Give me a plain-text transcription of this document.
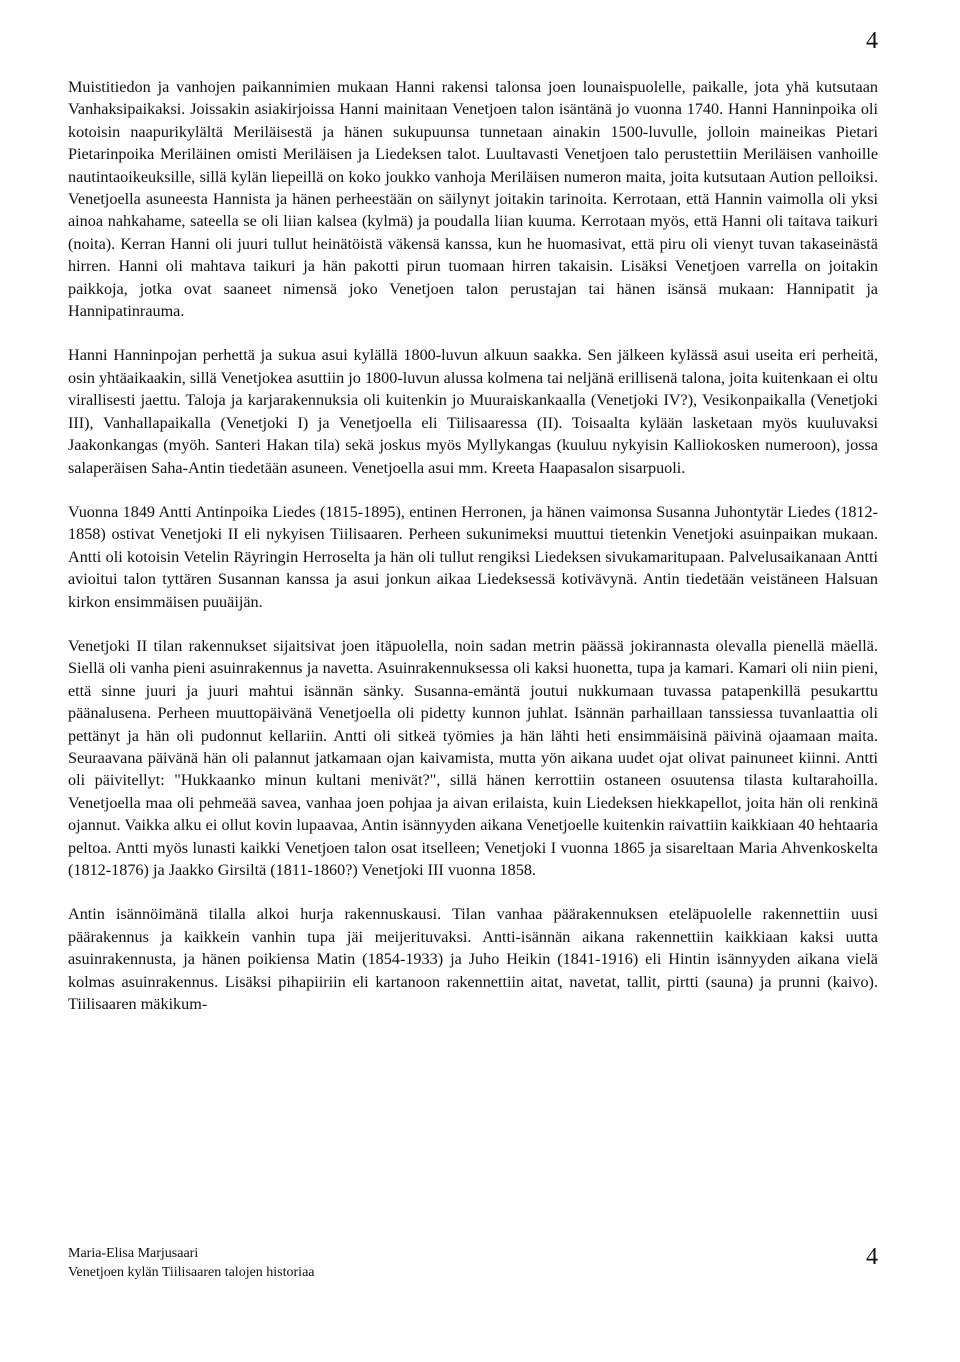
4

Muistitiedon ja vanhojen paikannimien mukaan Hanni rakensi talonsa joen lounaispuolelle, paikalle, jota yhä kutsutaan Vanhaksipaikaksi. Joissakin asiakirjoissa Hanni mainitaan Venetjoen talon isäntänä jo vuonna 1740. Hanni Hanninpoika oli kotoisin naapurikylältä Meriläisestä ja hänen sukupuunsa tunnetaan ainakin 1500-luvulle, jolloin maineikas Pietari Pietarinpoika Meriläinen omisti Meriläisen ja Liedeksen talot. Luultavasti Venetjoen talo perustettiin Meriläisen vanhoille nautintaoikeuksille, sillä kylän liepeillä on koko joukko vanhoja Meriläisen numeron maita, joita kutsutaan Aution pelloiksi. Venetjoella asuneesta Hannista ja hänen perheestään on säilynyt joitakin tarinoita. Kerrotaan, että Hannin vaimolla oli yksi ainoa nahkahame, sateella se oli liian kalsea (kylmä) ja poudalla liian kuuma. Kerrotaan myös, että Hanni oli taitava taikuri (noita). Kerran Hanni oli juuri tullut heinätöistä väkensä kanssa, kun he huomasivat, että piru oli vienyt tuvan takaseinästä hirren. Hanni oli mahtava taikuri ja hän pakotti pirun tuomaan hirren takaisin. Lisäksi Venetjoen varrella on joitakin paikkoja, jotka ovat saaneet nimensä joko Venetjoen talon perustajan tai hänen isänsä mukaan: Hannipatit ja Hannipatinrauma.

Hanni Hanninpojan perhettä ja sukua asui kylällä 1800-luvun alkuun saakka. Sen jälkeen kylässä asui useita eri perheitä, osin yhtäaikaakin, sillä Venetjokea asuttiin jo 1800-luvun alussa kolmena tai neljänä erillisenä talona, joita kuitenkaan ei oltu virallisesti jaettu. Taloja ja karjarakennuksia oli kuitenkin jo Muuraiskankaalla (Venetjoki IV?), Vesikonpaikalla (Venetjoki III), Vanhallapaikalla (Venetjoki I) ja Venetjoella eli Tiilisaaressa (II). Toisaalta kylään lasketaan myös kuuluvaksi Jaakonkangas (myöh. Santeri Hakan tila) sekä joskus myös Myllykangas (kuuluu nykyisin Kalliokosken numeroon), jossa salaperäisen Saha-Antin tiedetään asuneen. Venetjoella asui mm. Kreeta Haapasalon sisarpuoli.

Vuonna 1849 Antti Antinpoika Liedes (1815-1895), entinen Herronen, ja hänen vaimonsa Susanna Juhontytär Liedes (1812-1858) ostivat Venetjoki II eli nykyisen Tiilisaaren. Perheen sukunimeksi muuttui tietenkin Venetjoki asuinpaikan mukaan. Antti oli kotoisin Vetelin Räyringin Herroselta ja hän oli tullut rengiksi Liedeksen sivukamaritupaan. Palvelusaikanaan Antti avioitui talon tyttären Susannan kanssa ja asui jonkun aikaa Liedeksessä kotivävynä. Antin tiedetään veistäneen Halsuan kirkon ensimmäisen puuäijän.

Venetjoki II tilan rakennukset sijaitsivat joen itäpuolella, noin sadan metrin päässä jokirannasta olevalla pienellä mäellä. Siellä oli vanha pieni asuinrakennus ja navetta. Asuinrakennuksessa oli kaksi huonetta, tupa ja kamari. Kamari oli niin pieni, että sinne juuri ja juuri mahtui isännän sänky. Susanna-emäntä joutui nukkumaan tuvassa patapenkillä pesukarttu päänalusena. Perheen muuttopäivänä Venetjoella oli pidetty kunnon juhlat. Isännän parhaillaan tanssiessa tuvanlaattia oli pettänyt ja hän oli pudonnut kellariin. Antti oli sitkeä työmies ja hän lähti heti ensimmäisinä päivinä ojaamaan maita. Seuraavana päivänä hän oli palannut jatkamaan ojan kaivamista, mutta yön aikana uudet ojat olivat painuneet kiinni. Antti oli päivitellyt: "Hukkaanko minun kultani menivät?", sillä hänen kerrottiin ostaneen osuutensa tilasta kultarahoilla. Venetjoella maa oli pehmeää savea, vanhaa joen pohjaa ja aivan erilaista, kuin Liedeksen hiekkapellot, joita hän oli renkinä ojannut. Vaikka alku ei ollut kovin lupaavaa, Antin isännyyden aikana Venetjoelle kuitenkin raivattiin kaikkiaan 40 hehtaaria peltoa. Antti myös lunasti kaikki Venetjoen talon osat itselleen; Venetjoki I vuonna 1865 ja sisareltaan Maria Ahvenkoskelta (1812-1876) ja Jaakko Girsiltä (1811-1860?) Venetjoki III vuonna 1858.

Antin isännöimänä tilalla alkoi hurja rakennuskausi. Tilan vanhaa päärakennuksen eteläpuolelle rakennettiin uusi päärakennus ja kaikkein vanhin tupa jäi meijerituvaksi. Antti-isännän aikana rakennettiin kaikkiaan kaksi uutta asuinrakennusta, ja hänen poikiensa Matin (1854-1933) ja Juho Heikin (1841-1916) eli Hintin isännyyden aikana vielä kolmas asuinrakennus. Lisäksi pihapiiriin eli kartanoon rakennettiin aitat, navetat, tallit, pirtti (sauna) ja prunni (kaivo). Tiilisaaren mäkikum-

Maria-Elisa Marjusaari
Venetjoen kylän Tiilisaaren talojen historiaa
4
